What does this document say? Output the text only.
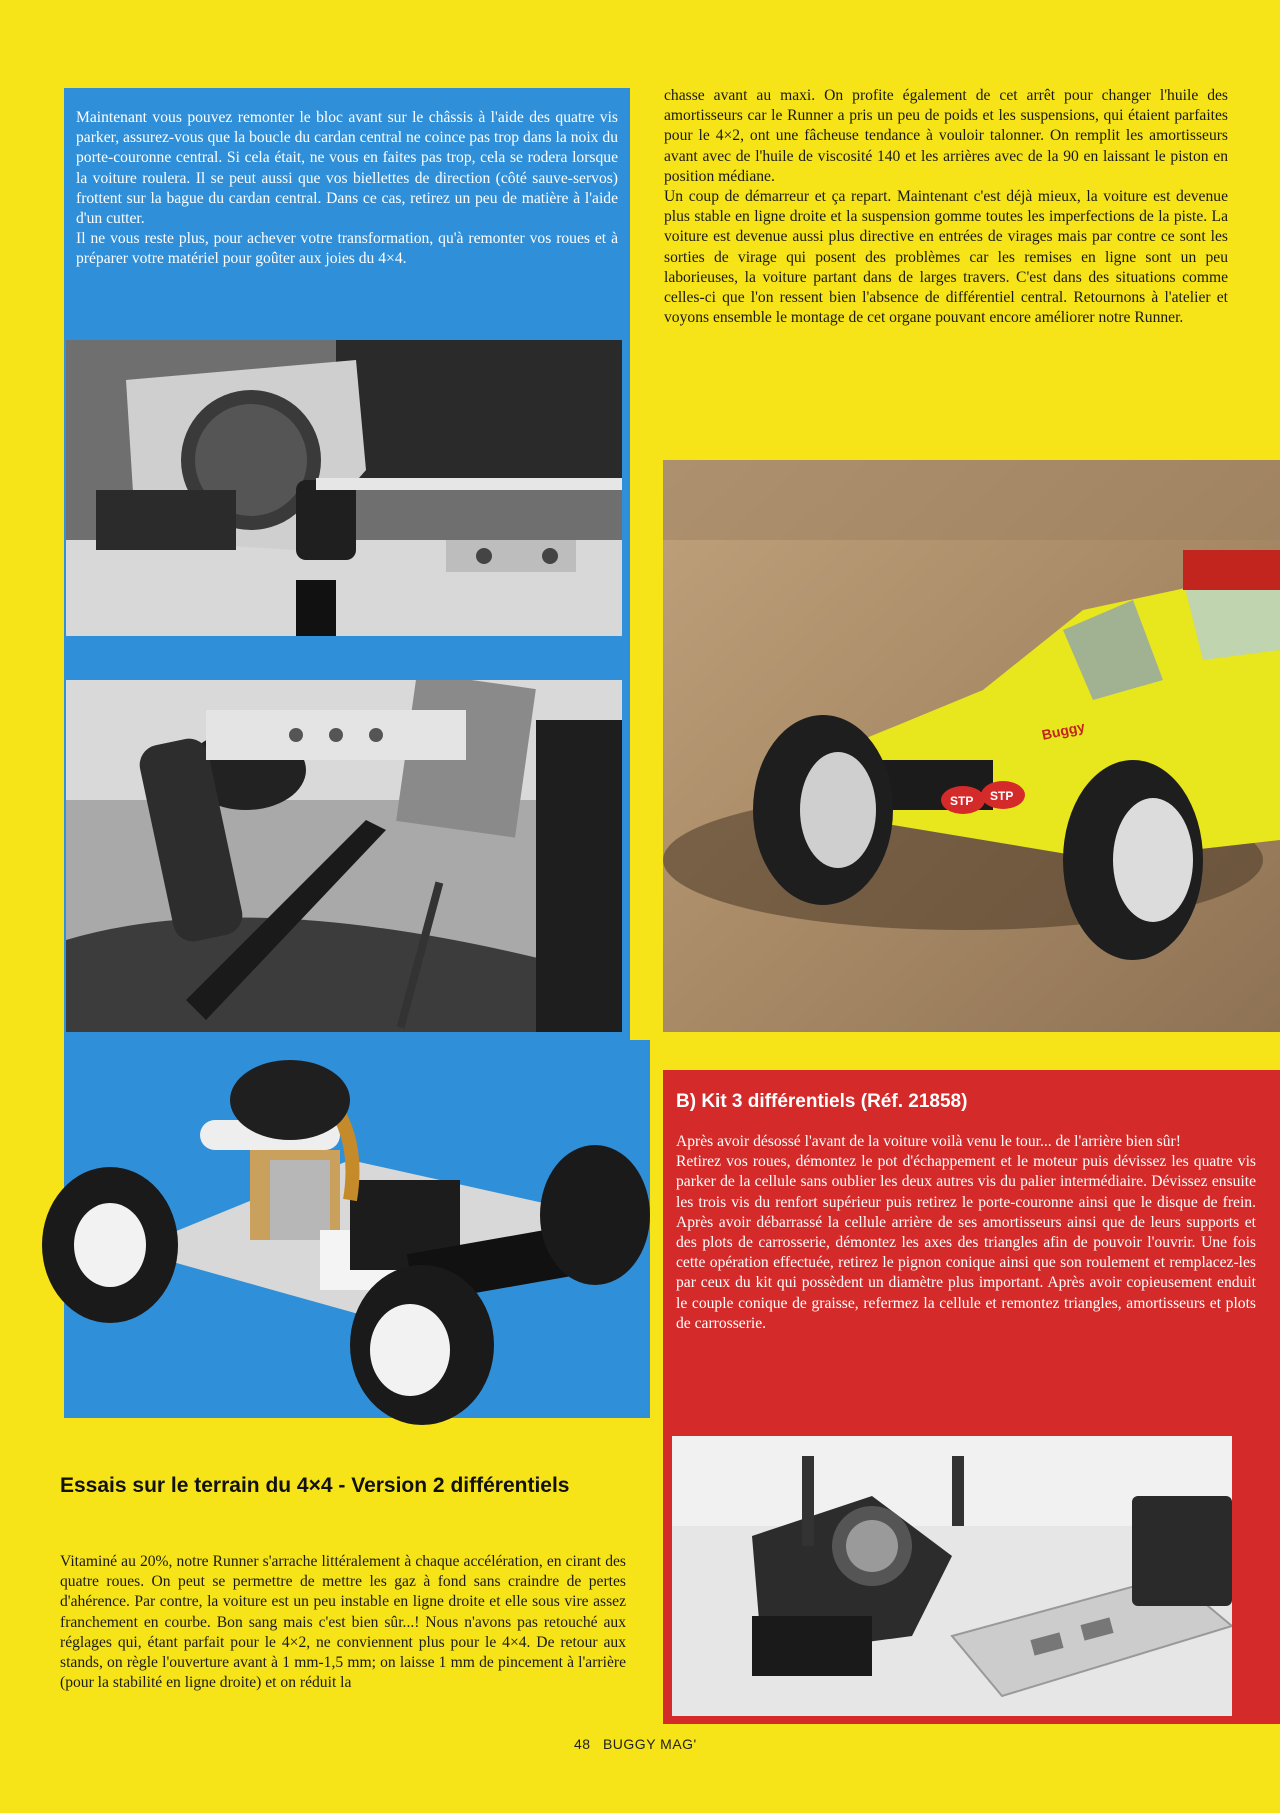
Maintenant vous pouvez remonter le bloc avant sur le châssis à l'aide des quatre vis parker, assurez-vous que la boucle du cardan central ne coince pas trop dans la noix du porte-couronne central. Si cela était, ne vous en faites pas trop, cela se rodera lorsque la voiture roulera. Il se peut aussi que vos biellettes de direction (côté sauve-servos) frottent sur la bague du cardan central. Dans ce cas, retirez un peu de matière à l'aide d'un cutter.

Il ne vous reste plus, pour achever votre transformation, qu'à remonter vos roues et à préparer votre matériel pour goûter aux joies du 4×4.

Essais sur le terrain du 4×4 - Version 2 différentiels

Vitaminé au 20%, notre Runner s'arrache littéralement à chaque accélération, en cirant des quatre roues. On peut se permettre de mettre les gaz à fond sans craindre de pertes d'ahérence. Par contre, la voiture est un peu instable en ligne droite et elle sous vire assez franchement en courbe. Bon sang mais c'est bien sûr...! Nous n'avons pas retouché aux réglages qui, étant parfait pour le 4×2, ne conviennent plus pour le 4×4. De retour aux stands, on règle l'ouverture avant à 1 mm-1,5 mm; on laisse 1 mm de pincement à l'arrière (pour la stabilité en ligne droite) et on réduit la

chasse avant au maxi. On profite également de cet arrêt pour changer l'huile des amortisseurs car le Runner a pris un peu de poids et les suspensions, qui étaient parfaites pour le 4×2, ont une fâcheuse tendance à vouloir talonner. On remplit les amortisseurs avant avec de l'huile de viscosité 140 et les arrières avec de la 90 en laissant le piston en position médiane.

Un coup de démarreur et ça repart. Maintenant c'est déjà mieux, la voiture est devenue plus stable en ligne droite et la suspension gomme toutes les imperfections de la piste. La voiture est devenue aussi plus directive en entrées de virages mais par contre ce sont les sorties de virage qui posent des problèmes car les remises en ligne sont un peu laborieuses, la voiture partant dans de larges travers. C'est dans des situations comme celles-ci que l'on ressent bien l'absence de différentiel central. Retournons à l'atelier et voyons ensemble le montage de cet organe pouvant encore améliorer notre Runner.

STP STP
Buggy
B) Kit 3 différentiels (Réf. 21858)

Après avoir désossé l'avant de la voiture voilà venu le tour... de l'arrière bien sûr!

Retirez vos roues, démontez le pot d'échappement et le moteur puis dévissez les quatre vis parker de la cellule sans oublier les deux autres vis du palier intermédiaire. Dévissez ensuite les trois vis du renfort supérieur puis retirez le porte-couronne ainsi que le disque de frein. Après avoir débarrassé la cellule arrière de ses amortisseurs ainsi que de leurs supports et des plots de carrosserie, démontez les axes des triangles afin de pouvoir l'ouvrir. Une fois cette opération effectuée, retirez le pignon conique ainsi que son roulement et remplacez-les par ceux du kit qui possèdent un diamètre plus important. Après avoir copieusement enduit le couple conique de graisse, refermez la cellule et remontez triangles, amortisseurs et plots de carrosserie.

48 BUGGY MAG'
